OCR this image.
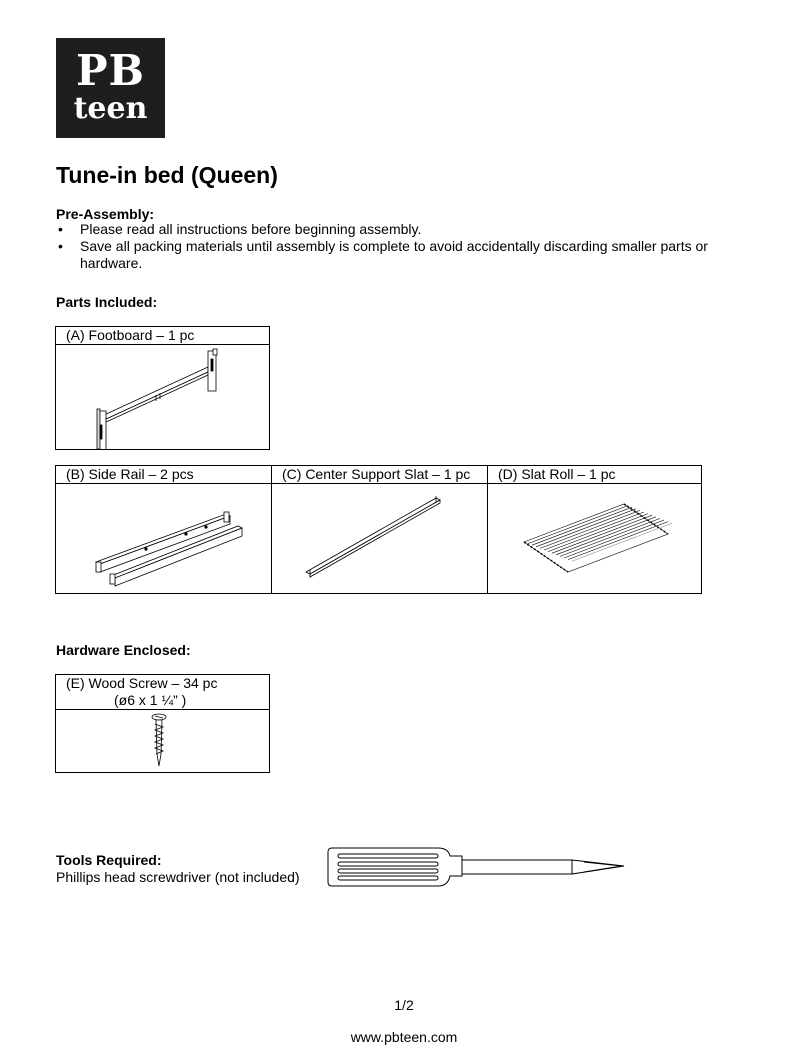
PB
teen
Tune-in bed (Queen)

Pre-Assembly:

• Please read all instructions before beginning assembly.
• Save all packing materials until assembly is complete to avoid accidentally discarding smaller parts or hardware.

Parts Included:

(A) Footboard – 1 pc
(B) Side Rail – 2 pcs	(C) Center Support Slat – 1 pc	(D) Slat Roll – 1 pc

Hardware Enclosed:

(E) Wood Screw – 34 pc
(ø6 x 1 ¼” )

Tools Required:

Phillips head screwdriver (not included)

1/2
www.pbteen.com
